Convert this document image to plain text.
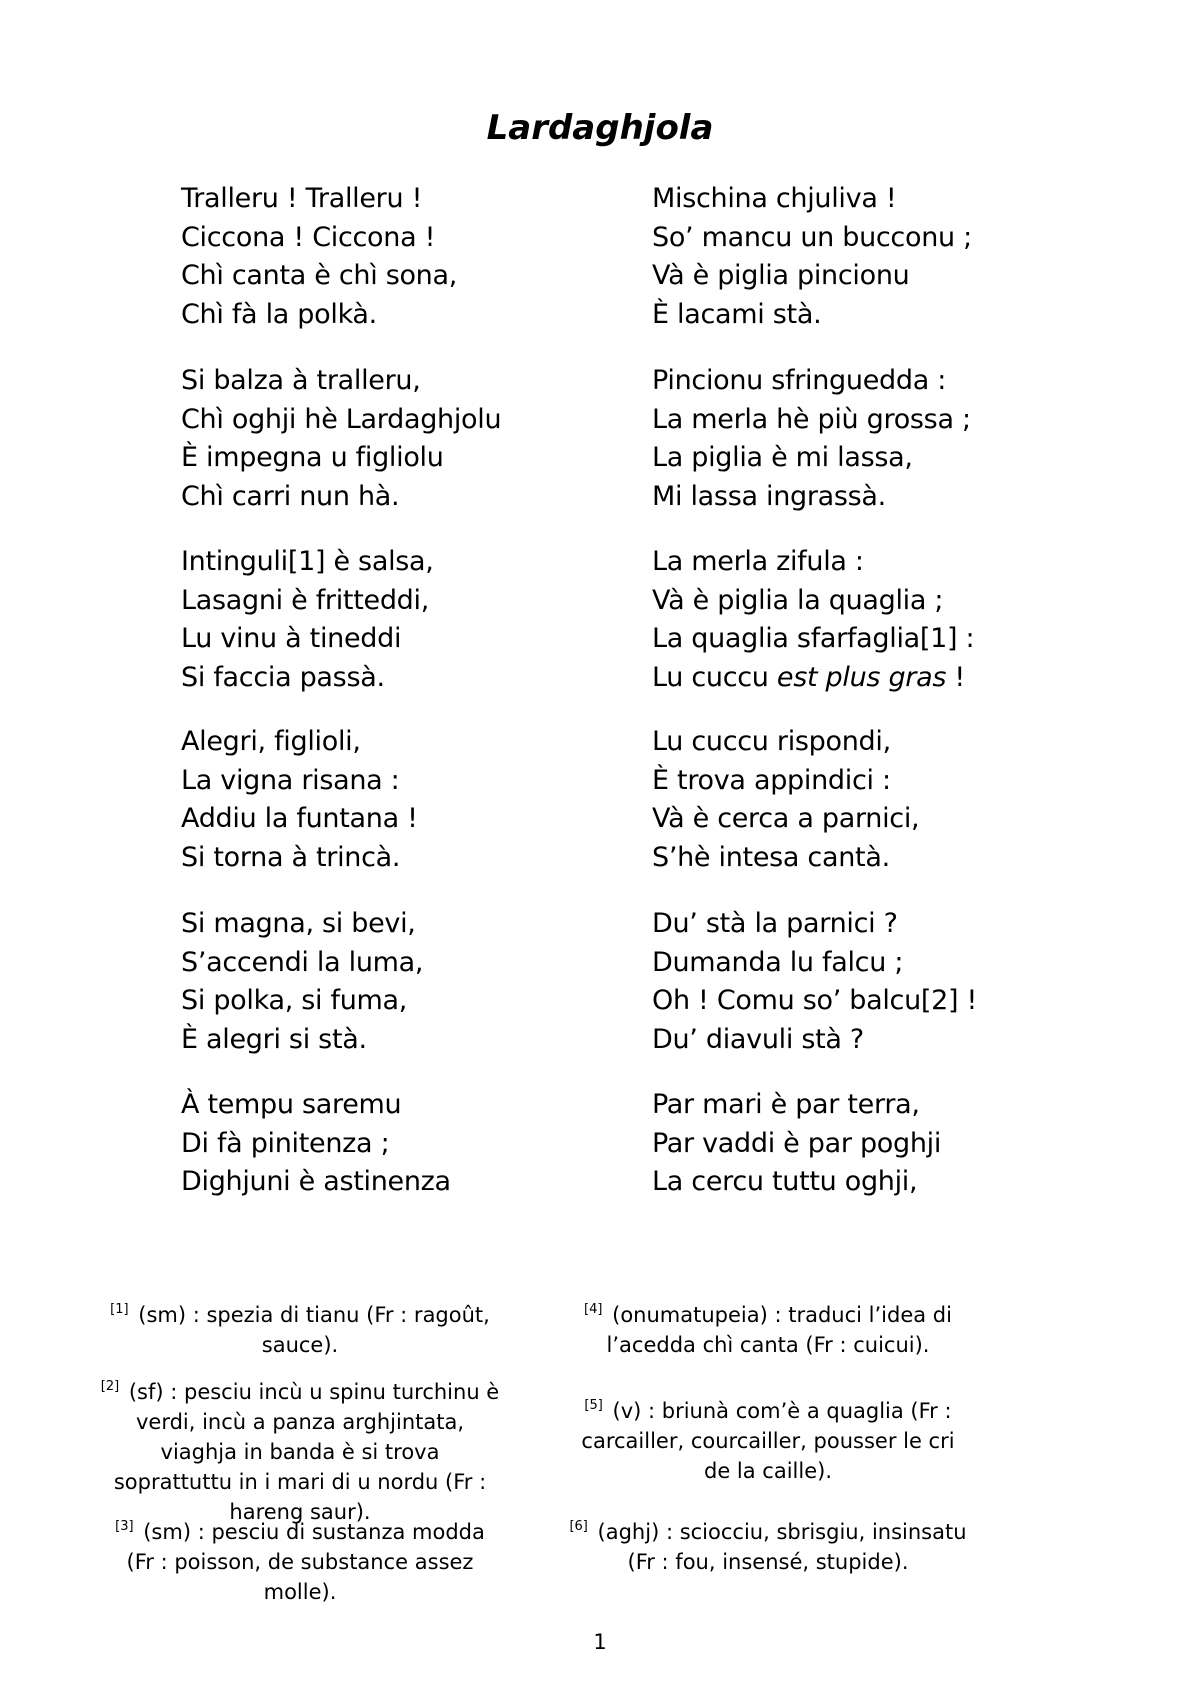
Lardaghjola
Tralleru ! Tralleru !
Ciccona ! Ciccona !
Chì canta è chì sona,
Chì fà la polkà.
Si balza à tralleru,
Chì oghji hè Lardaghjolu
È impegna u figliolu
Chì carri nun hà.
Intinguli[1] è salsa,
Lasagni è fritteddi,
Lu vinu à tineddi
Si faccia passà.
Alegri, figlioli,
La vigna risana :
Addiu la funtana !
Si torna à trincà.
Si magna, si bevi,
S’accendi la luma,
Si polka, si fuma,
È alegri si stà.
À tempu saremu
Di fà pinitenza ;
Dighjuni è astinenza
Mischina chjuliva !
So’ mancu un bucconu ;
Và è piglia pincionu
È lacami stà.
Pincionu sfringuedda :
La merla hè più grossa ;
La piglia è mi lassa,
Mi lassa ingrassà.
La merla zifula :
Và è piglia la quaglia ;
La quaglia sfarfaglia[1] :
Lu cuccu est plus gras !
Lu cuccu rispondi,
È trova appindici :
Và è cerca a parnici,
S’hè intesa cantà.
Du’ stà la parnici ?
Dumanda lu falcu ;
Oh ! Comu so’ balcu[2] !
Du’ diavuli stà ?
Par mari è par terra,
Par vaddi è par poghji
La cercu tuttu oghji,
[1] (sm) : spezia di tianu (Fr : ragoût, sauce).
[2] (sf) : pesciu incù u spinu turchinu è verdi, incù a panza arghjintata, viaghja in banda è si trova soprattuttu in i mari di u nordu (Fr : hareng saur).
[3] (sm) : pesciu di sustanza modda (Fr : poisson, de substance assez molle).
[4] (onumatupeia) : traduci l’idea di l’acedda chì canta (Fr : cuicui).
[5] (v) : briunà com’è a quaglia (Fr : carcailler, courcailler, pousser le cri de la caille).
[6] (aghj) : sciocciu, sbrisgiu, insinsatu (Fr : fou, insensé, stupide).
1
